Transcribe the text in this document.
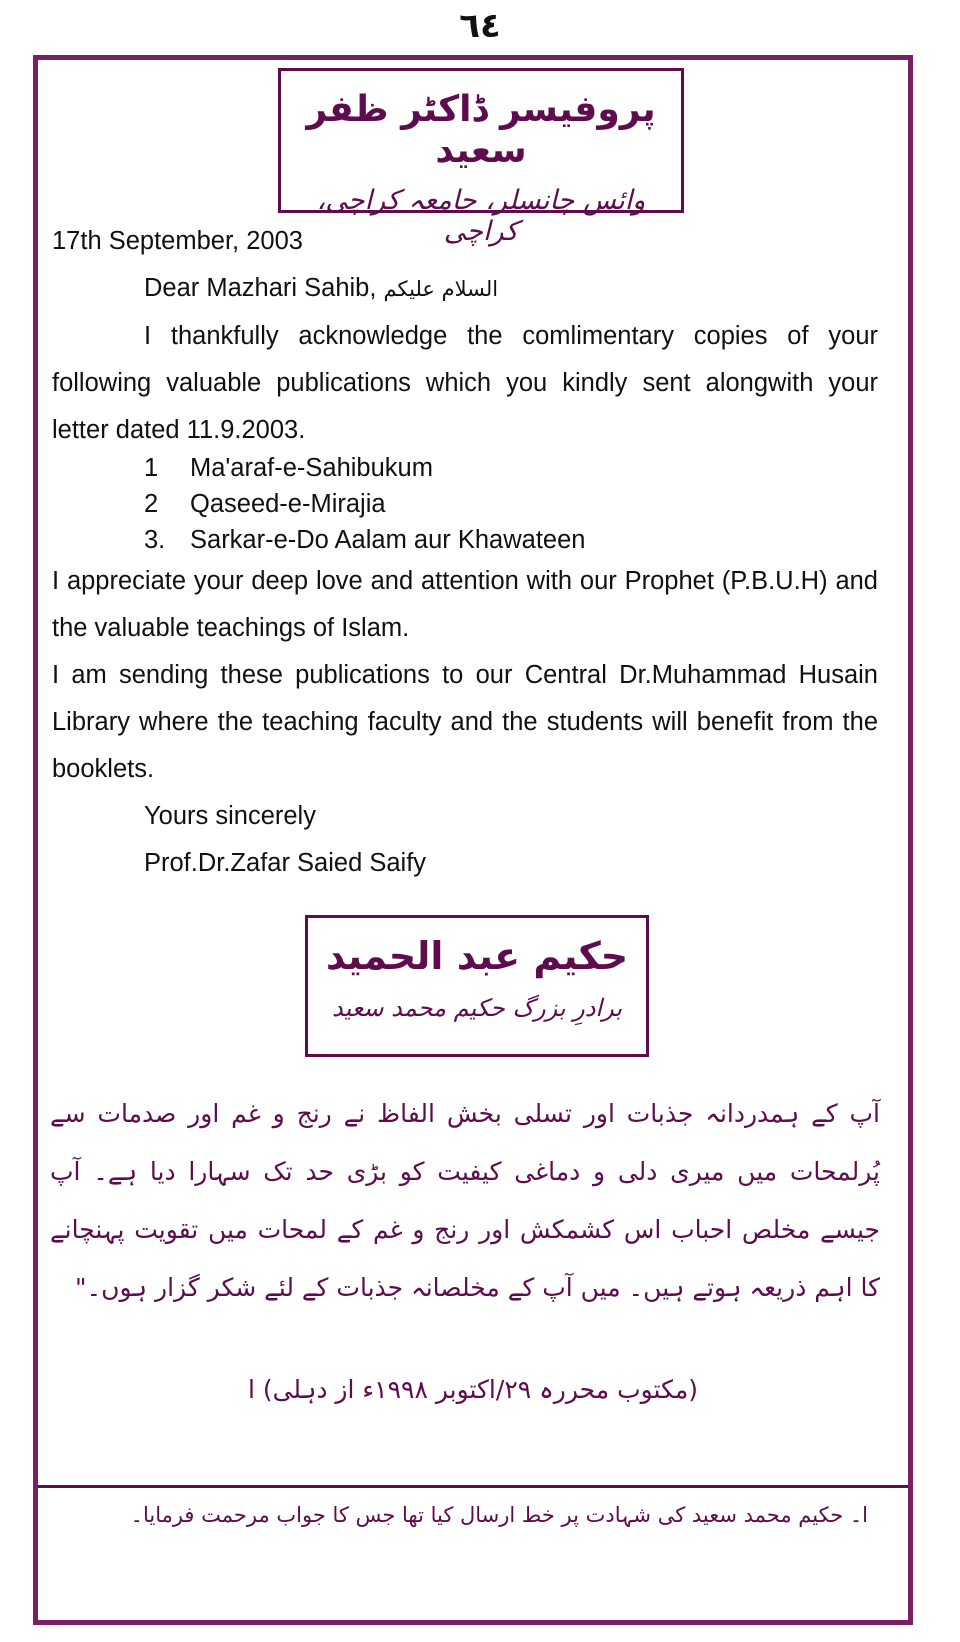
٦٤
پروفیسر ڈاکٹر ظفر سعید
وائس چانسلر، جامعہ کراچی، کراچی

17th September, 2003

Dear Mazhari Sahib, السلام علیکم

I thankfully acknowledge the comlimentary copies of your following valuable publications which you kindly sent alongwith your letter dated 11.9.2003.

1	Ma'araf-e-Sahibukum
2	Qaseed-e-Mirajia
3. Sarkar-e-Do Aalam aur Khawateen

I appreciate your deep love and attention with our Prophet (P.B.U.H) and the valuable teachings of Islam.

I am sending these publications to our Central Dr.Muhammad Husain Library where the teaching faculty and the students will benefit from the booklets.

Yours sincerely

Prof.Dr.Zafar Saied Saify

حکیم عبد الحمید
برادرِ بزرگ حکیم محمد سعید

آپ کے ہمدردانہ جذبات اور تسلی بخش الفاظ نے رنج و غم اور صدمات سے پُرلمحات میں میری دلی و دماغی کیفیت کو بڑی حد تک سہارا دیا ہے۔ آپ جیسے مخلص احباب اس کشمکش اور رنج و غم کے لمحات میں تقویت پہنچانے کا اہم ذریعہ ہوتے ہیں۔ میں آپ کے مخلصانہ جذبات کے لئے شکر گزار ہوں۔"

(مکتوب محررہ ۲۹/اکتوبر ۱۹۹۸ء از دہلی) ا
ا۔ حکیم محمد سعید کی شہادت پر خط ارسال کیا تھا جس کا جواب مرحمت فرمایا۔
